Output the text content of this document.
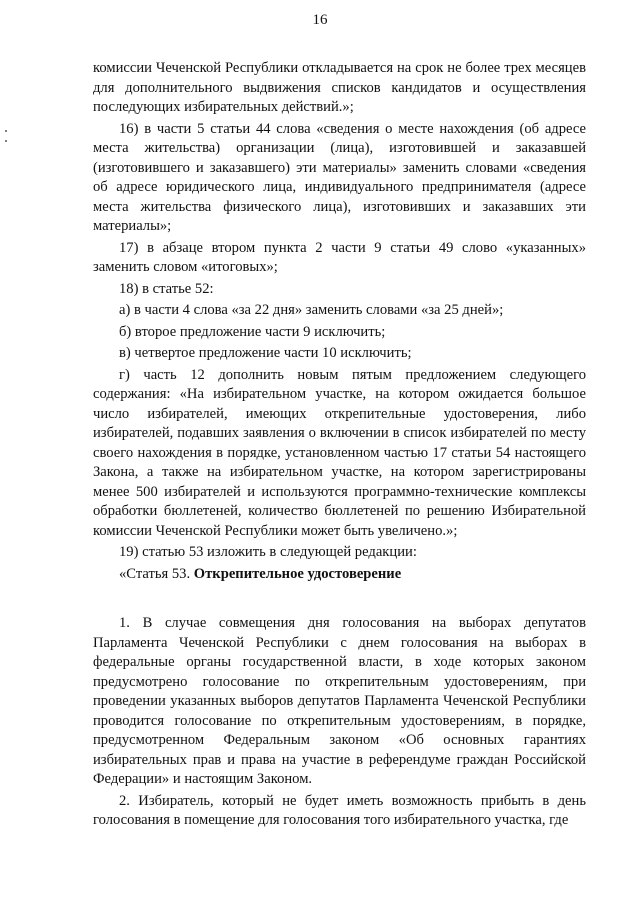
16

комиссии Чеченской Республики откладывается на срок не более трех месяцев для дополнительного выдвижения списков кандидатов и осуществления последующих избирательных действий.»;

16) в части 5 статьи 44 слова «сведения о месте нахождения (об адресе места жительства) организации (лица), изготовившей и заказавшей (изготовившего и заказавшего) эти материалы» заменить словами «сведения об адресе юридического лица, индивидуального предпринимателя (адресе места жительства физического лица), изготовивших и заказавших эти материалы»;

17) в абзаце втором пункта 2 части 9 статьи 49 слово «указанных» заменить словом «итоговых»;

18) в статье 52:

а) в части 4 слова «за 22 дня» заменить словами «за 25 дней»;

б) второе предложение части 9 исключить;

в) четвертое предложение части 10 исключить;

г) часть 12 дополнить новым пятым предложением следующего содержания: «На избирательном участке, на котором ожидается большое число избирателей, имеющих открепительные удостоверения, либо избирателей, подавших заявления о включении в список избирателей по месту своего нахождения в порядке, установленном частью 17 статьи 54 настоящего Закона, а также на избирательном участке, на котором зарегистрированы менее 500 избирателей и используются программно-технические комплексы обработки бюллетеней, количество бюллетеней по решению Избирательной комиссии Чеченской Республики может быть увеличено.»;

19) статью 53 изложить в следующей редакции:

«Статья 53. Открепительное удостоверение

1. В случае совмещения дня голосования на выборах депутатов Парламента Чеченской Республики с днем голосования на выборах в федеральные органы государственной власти, в ходе которых законом предусмотрено голосование по открепительным удостоверениям, при проведении указанных выборов депутатов Парламента Чеченской Республики проводится голосование по открепительным удостоверениям, в порядке, предусмотренном Федеральным законом «Об основных гарантиях избирательных прав и права на участие в референдуме граждан Российской Федерации» и настоящим Законом.

2. Избиратель, который не будет иметь возможность прибыть в день голосования в помещение для голосования того избирательного участка, где
